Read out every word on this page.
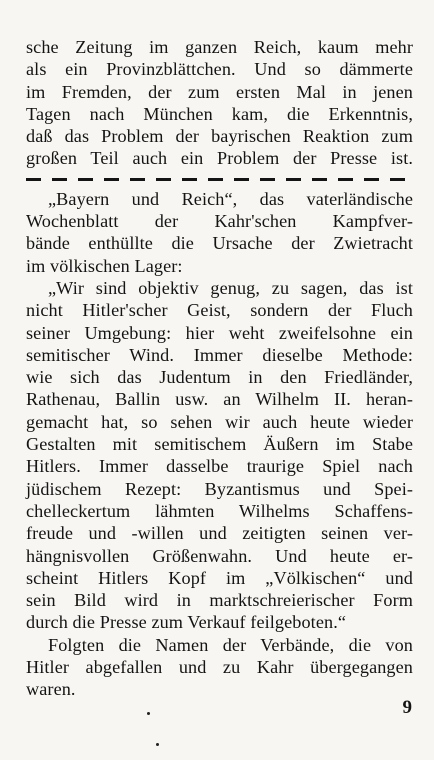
sche Zeitung im ganzen Reich, kaum mehr
als ein Provinzblättchen. Und so dämmerte
im Fremden, der zum ersten Mal in jenen
Tagen nach München kam, die Erkenntnis,
daß das Problem der bayrischen Reaktion zum
großen Teil auch ein Problem der Presse ist.
„Bayern und Reich“, das vaterländische
Wochenblatt der Kahr'schen Kampfver-
bände enthüllte die Ursache der Zwietracht
im völkischen Lager:
„Wir sind objektiv genug, zu sagen, das ist
nicht Hitler'scher Geist, sondern der Fluch
seiner Umgebung: hier weht zweifelsohne ein
semitischer Wind. Immer dieselbe Methode:
wie sich das Judentum in den Friedländer,
Rathenau, Ballin usw. an Wilhelm II. heran-
gemacht hat, so sehen wir auch heute wieder
Gestalten mit semitischem Äußern im Stabe
Hitlers. Immer dasselbe traurige Spiel nach
jüdischem Rezept: Byzantismus und Spei-
chelleckertum lähmten Wilhelms Schaffens-
freude und -willen und zeitigten seinen ver-
hängnisvollen Größenwahn. Und heute er-
scheint Hitlers Kopf im „Völkischen“ und
sein Bild wird in marktschreierischer Form
durch die Presse zum Verkauf feilgeboten.“
Folgten die Namen der Verbände, die von
Hitler abgefallen und zu Kahr übergegangen
waren.
9
